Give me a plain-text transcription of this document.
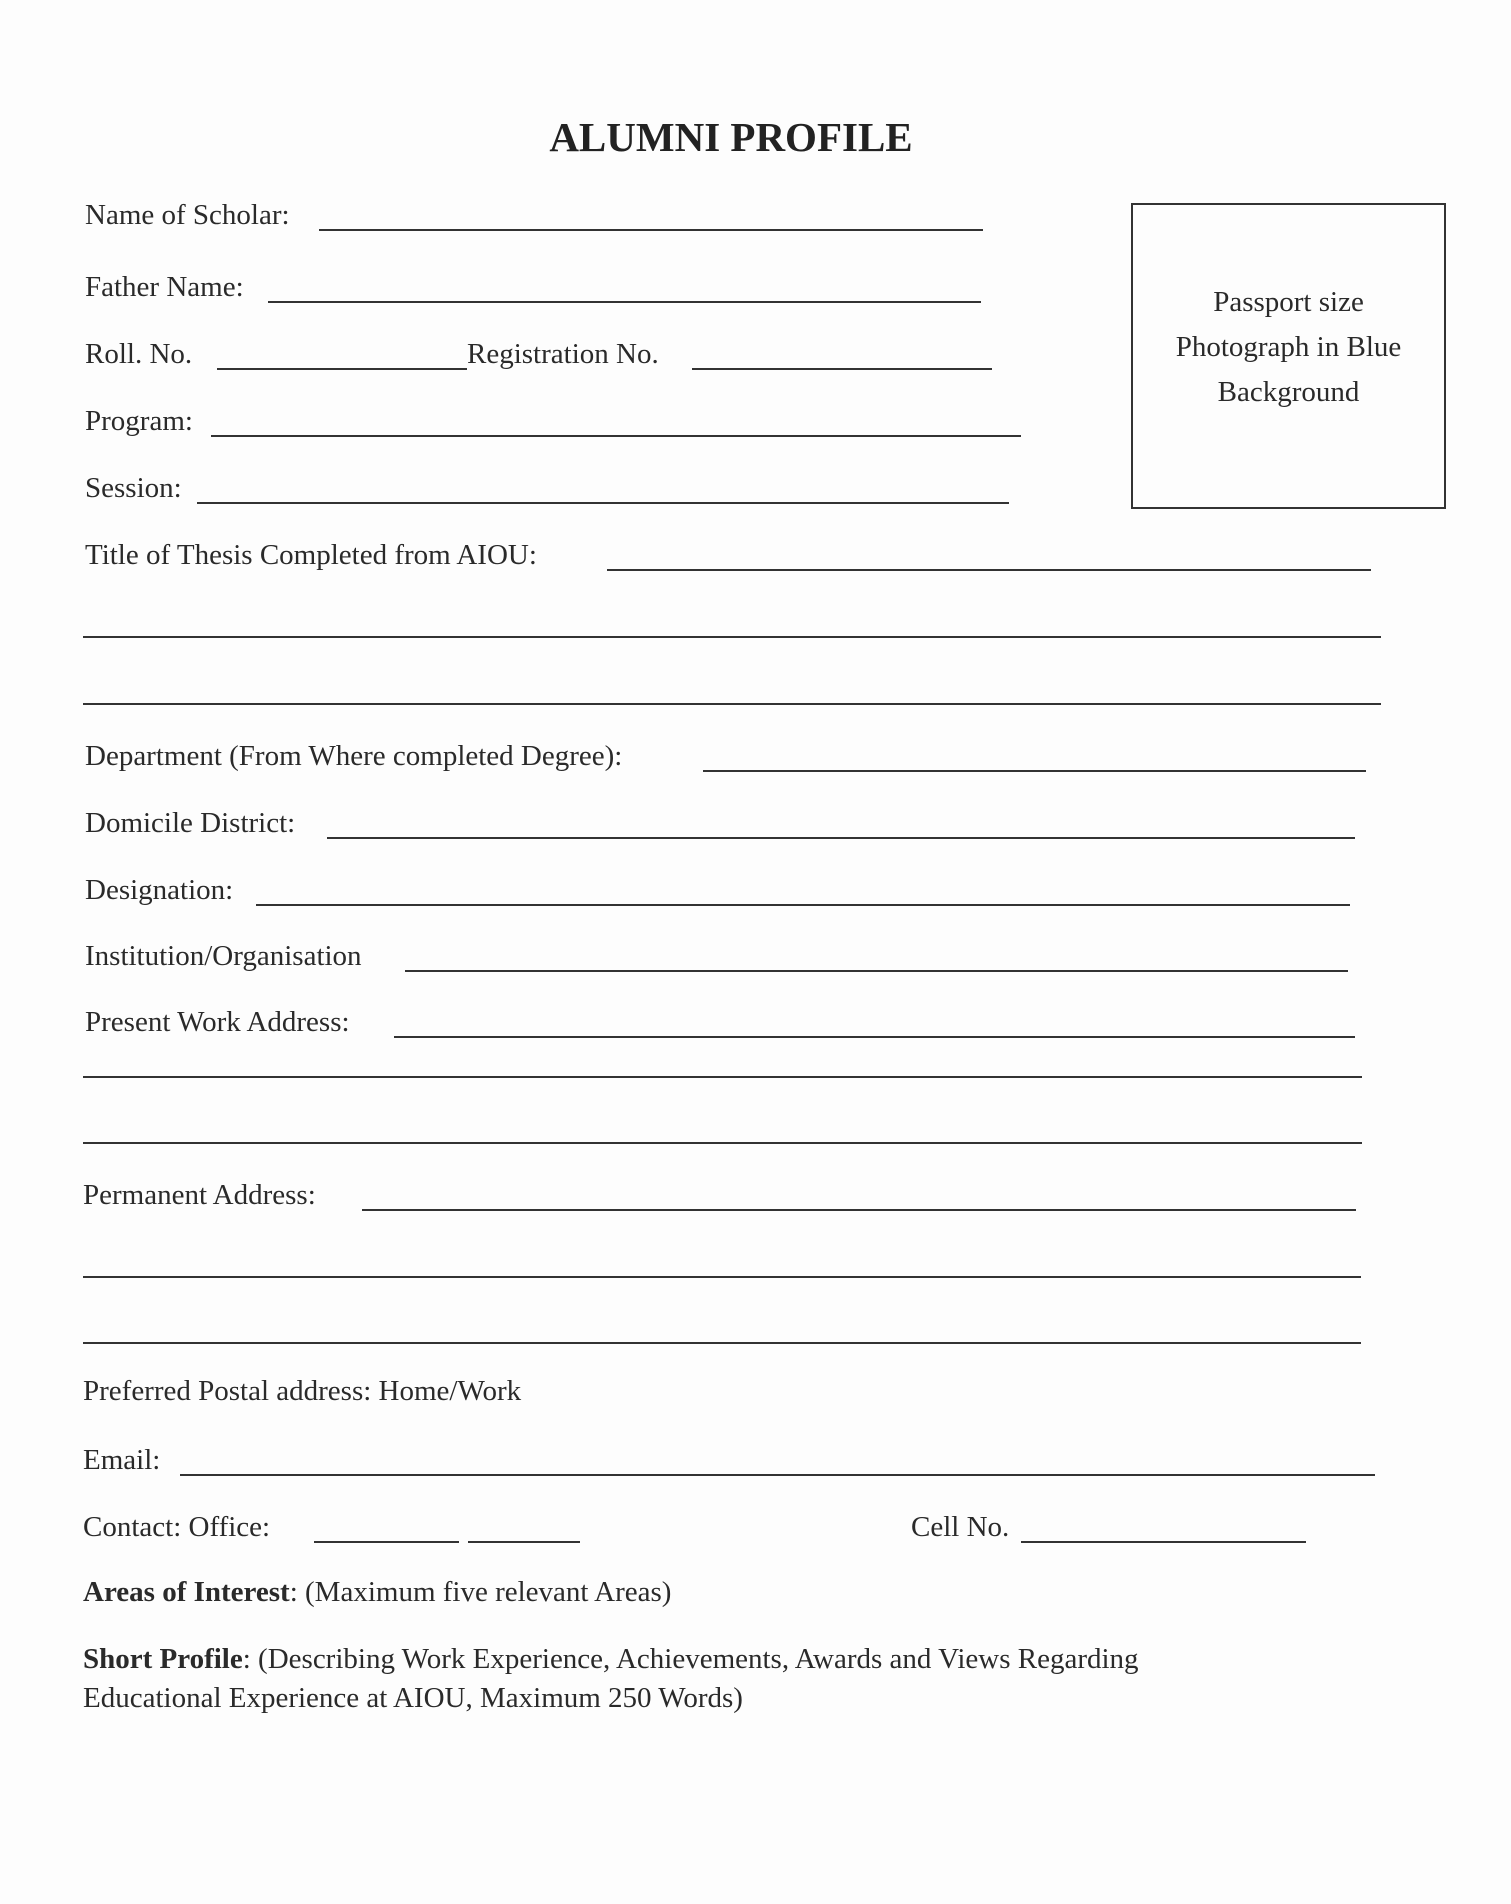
ALUMNI PROFILE
Passport size
Photograph in Blue
Background
Name of Scholar:
Father Name:
Roll. No.	Registration No.
Program:
Session:
Title of Thesis Completed from AIOU:
Department (From Where completed Degree):
Domicile District:
Designation:
Institution/Organisation
Present Work Address:
Permanent Address:
Preferred Postal address: Home/Work
Email:
Contact: Office:	Cell No.
Areas of Interest: (Maximum five relevant Areas)
Short Profile: (Describing Work Experience, Achievements, Awards and Views Regarding
Educational Experience at AIOU, Maximum 250 Words)
